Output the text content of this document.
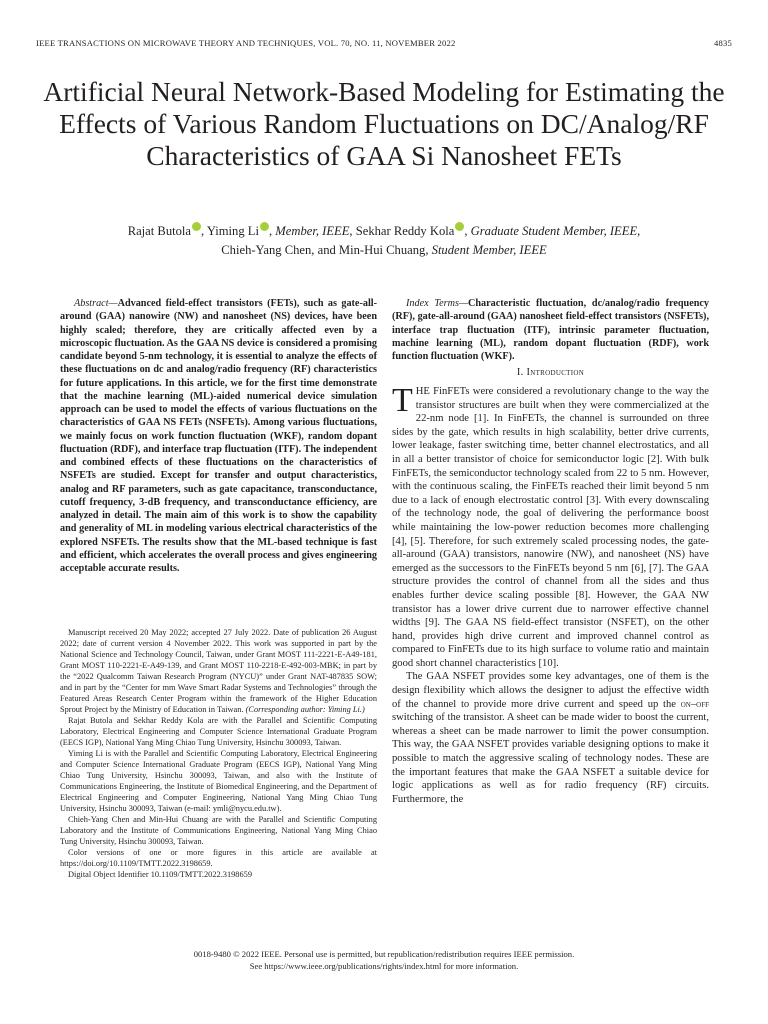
IEEE TRANSACTIONS ON MICROWAVE THEORY AND TECHNIQUES, VOL. 70, NO. 11, NOVEMBER 2022	4835
Artificial Neural Network-Based Modeling for Estimating the Effects of Various Random Fluctuations on DC/Analog/RF Characteristics of GAA Si Nanosheet FETs
Rajat Butola , Yiming Li , Member, IEEE, Sekhar Reddy Kola , Graduate Student Member, IEEE,
Chieh-Yang Chen, and Min-Hui Chuang, Student Member, IEEE

Abstract—Advanced field-effect transistors (FETs), such as gate-all-around (GAA) nanowire (NW) and nanosheet (NS) devices, have been highly scaled; therefore, they are critically affected even by a microscopic fluctuation. As the GAA NS device is considered a promising candidate beyond 5-nm technology, it is essential to analyze the effects of these fluctuations on dc and analog/radio frequency (RF) characteristics for future applications. In this article, we for the first time demonstrate that the machine learning (ML)-aided numerical device simulation approach can be used to model the effects of various fluctuations on the characteristics of GAA NS FETs (NSFETs). Among various fluctuations, we mainly focus on work function fluctuation (WKF), random dopant fluctuation (RDF), and interface trap fluctuation (ITF). The independent and combined effects of these fluctuations on the characteristics of NSFETs are studied. Except for transfer and output characteristics, analog and RF parameters, such as gate capacitance, transconductance, cutoff frequency, 3-dB frequency, and transconductance efficiency, are analyzed in detail. The main aim of this work is to show the capability and generality of ML in modeling various electrical characteristics of the explored NSFETs. The results show that the ML-based technique is fast and efficient, which accelerates the overall process and gives engineering acceptable accurate results.

Manuscript received 20 May 2022; accepted 27 July 2022. Date of publication 26 August 2022; date of current version 4 November 2022. This work was supported in part by the National Science and Technology Council, Taiwan, under Grant MOST 111-2221-E-A49-181, Grant MOST 110-2221-E-A49-139, and Grant MOST 110-2218-E-492-003-MBK; in part by the “2022 Qualcomm Taiwan Research Program (NYCU)” under Grant NAT-487835 SOW; and in part by the “Center for mm Wave Smart Radar Systems and Technologies” through the Featured Areas Research Center Program within the framework of the Higher Education Sprout Project by the Ministry of Education in Taiwan. (Corresponding author: Yiming Li.)

Rajat Butola and Sekhar Reddy Kola are with the Parallel and Scientific Computing Laboratory, Electrical Engineering and Computer Science International Graduate Program (EECS IGP), National Yang Ming Chiao Tung University, Hsinchu 300093, Taiwan.

Yiming Li is with the Parallel and Scientific Computing Laboratory, Electrical Engineering and Computer Science International Graduate Program (EECS IGP), National Yang Ming Chiao Tung University, Hsinchu 300093, Taiwan, and also with the Institute of Communications Engineering, the Institute of Biomedical Engineering, and the Department of Electrical Engineering and Computer Engineering, National Yang Ming Chiao Tung University, Hsinchu 300093, Taiwan (e-mail: ymli@nycu.edu.tw).

Chieh-Yang Chen and Min-Hui Chuang are with the Parallel and Scientific Computing Laboratory and the Institute of Communications Engineering, National Yang Ming Chiao Tung University, Hsinchu 300093, Taiwan.

Color versions of one or more figures in this article are available at https://doi.org/10.1109/TMTT.2022.3198659.

Digital Object Identifier 10.1109/TMTT.2022.3198659

Index Terms—Characteristic fluctuation, dc/analog/radio frequency (RF), gate-all-around (GAA) nanosheet field-effect transistors (NSFETs), interface trap fluctuation (ITF), intrinsic parameter fluctuation, machine learning (ML), random dopant fluctuation (RDF), work function fluctuation (WKF).

I. Introduction

THE FinFETs were considered a revolutionary change to the way the transistor structures are built when they were commercialized at the 22-nm node [1]. In FinFETs, the channel is surrounded on three sides by the gate, which results in high scalability, better drive currents, lower leakage, faster switching time, better channel electrostatics, and all in all a better transistor of choice for semiconductor logic [2]. With bulk FinFETs, the semiconductor technology scaled from 22 to 5 nm. However, with the continuous scaling, the FinFETs reached their limit beyond 5 nm due to a lack of enough electrostatic control [3]. With every downscaling of the technology node, the goal of delivering the performance boost while maintaining the low-power reduction becomes more challenging [4], [5]. Therefore, for such extremely scaled processing nodes, the gate-all-around (GAA) transistors, nanowire (NW), and nanosheet (NS) have emerged as the successors to the FinFETs beyond 5 nm [6], [7]. The GAA structure provides the control of channel from all the sides and thus enables further device scaling possible [8]. However, the GAA NW transistor has a lower drive current due to narrower effective channel widths [9]. The GAA NS field-effect transistor (NSFET), on the other hand, provides high drive current and improved channel control as compared to FinFETs due to its high surface to volume ratio and maintain good short channel characteristics [10].

The GAA NSFET provides some key advantages, one of them is the design flexibility which allows the designer to adjust the effective width of the channel to provide more drive current and speed up the on–off switching of the transistor. A sheet can be made wider to boost the current, whereas a sheet can be made narrower to limit the power consumption. This way, the GAA NSFET provides variable designing options to make it possible to match the aggressive scaling of technology nodes. These are the important features that make the GAA NSFET a suitable device for logic applications as well as for radio frequency (RF) circuits. Furthermore, the

0018-9480 © 2022 IEEE. Personal use is permitted, but republication/redistribution requires IEEE permission.
See https://www.ieee.org/publications/rights/index.html for more information.
